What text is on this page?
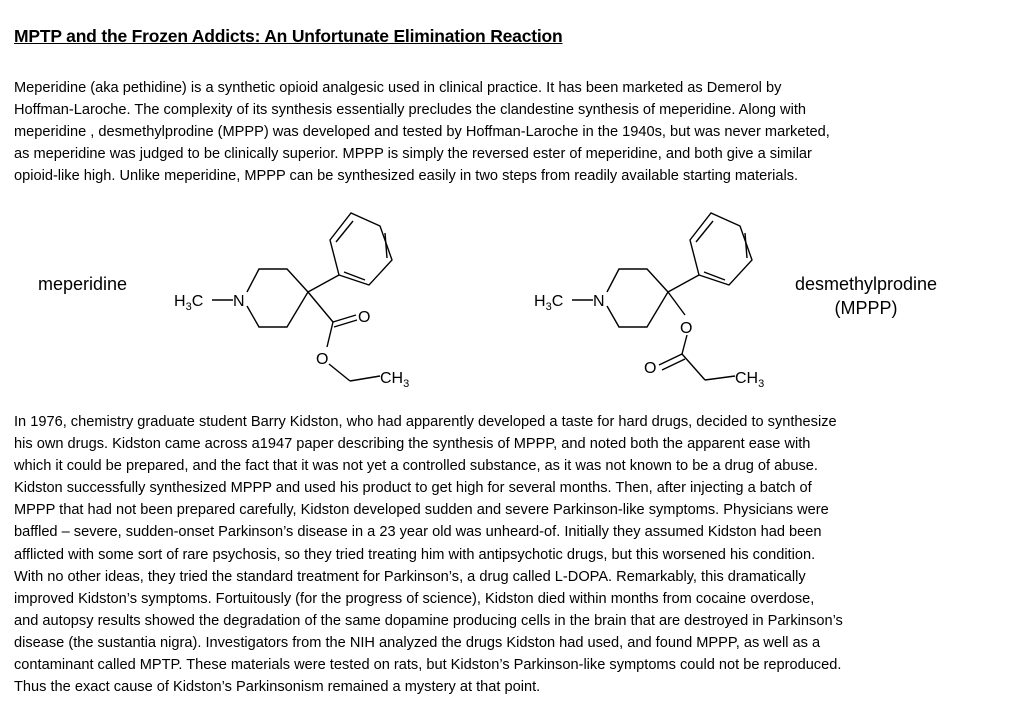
MPTP and the Frozen Addicts: An Unfortunate Elimination Reaction
Meperidine (aka pethidine) is a synthetic opioid analgesic used in clinical practice. It has been marketed as Demerol by
Hoffman-Laroche. The complexity of its synthesis essentially precludes the clandestine synthesis of meperidine. Along with
meperidine , desmethylprodine (MPPP) was developed and tested by Hoffman-Laroche in the 1940s, but was never marketed,
as meperidine was judged to be clinically superior. MPPP is simply the reversed ester of meperidine, and both give a similar
opioid-like high. Unlike meperidine, MPPP can be synthesized easily in two steps from readily available starting materials.
meperidine
$H_3C$ N
O
O
$CH_3$
$H_3C$ N
O
O
$CH_3$
desmethylprodine
(MPPP)
In 1976, chemistry graduate student Barry Kidston, who had apparently developed a taste for hard drugs, decided to synthesize
his own drugs. Kidston came across a1947 paper describing the synthesis of MPPP, and noted both the apparent ease with
which it could be prepared, and the fact that it was not yet a controlled substance, as it was not known to be a drug of abuse.
Kidston successfully synthesized MPPP and used his product to get high for several months. Then, after injecting a batch of
MPPP that had not been prepared carefully, Kidston developed sudden and severe Parkinson-like symptoms. Physicians were
baffled – severe, sudden-onset Parkinson’s disease in a 23 year old was unheard-of. Initially they assumed Kidston had been
afflicted with some sort of rare psychosis, so they tried treating him with antipsychotic drugs, but this worsened his condition.
With no other ideas, they tried the standard treatment for Parkinson’s, a drug called L-DOPA. Remarkably, this dramatically
improved Kidston’s symptoms. Fortuitously (for the progress of science), Kidston died within months from cocaine overdose,
and autopsy results showed the degradation of the same dopamine producing cells in the brain that are destroyed in Parkinson’s
disease (the sustantia nigra). Investigators from the NIH analyzed the drugs Kidston had used, and found MPPP, as well as a
contaminant called MPTP. These materials were tested on rats, but Kidston’s Parkinson-like symptoms could not be reproduced.
Thus the exact cause of Kidston’s Parkinsonism remained a mystery at that point.
